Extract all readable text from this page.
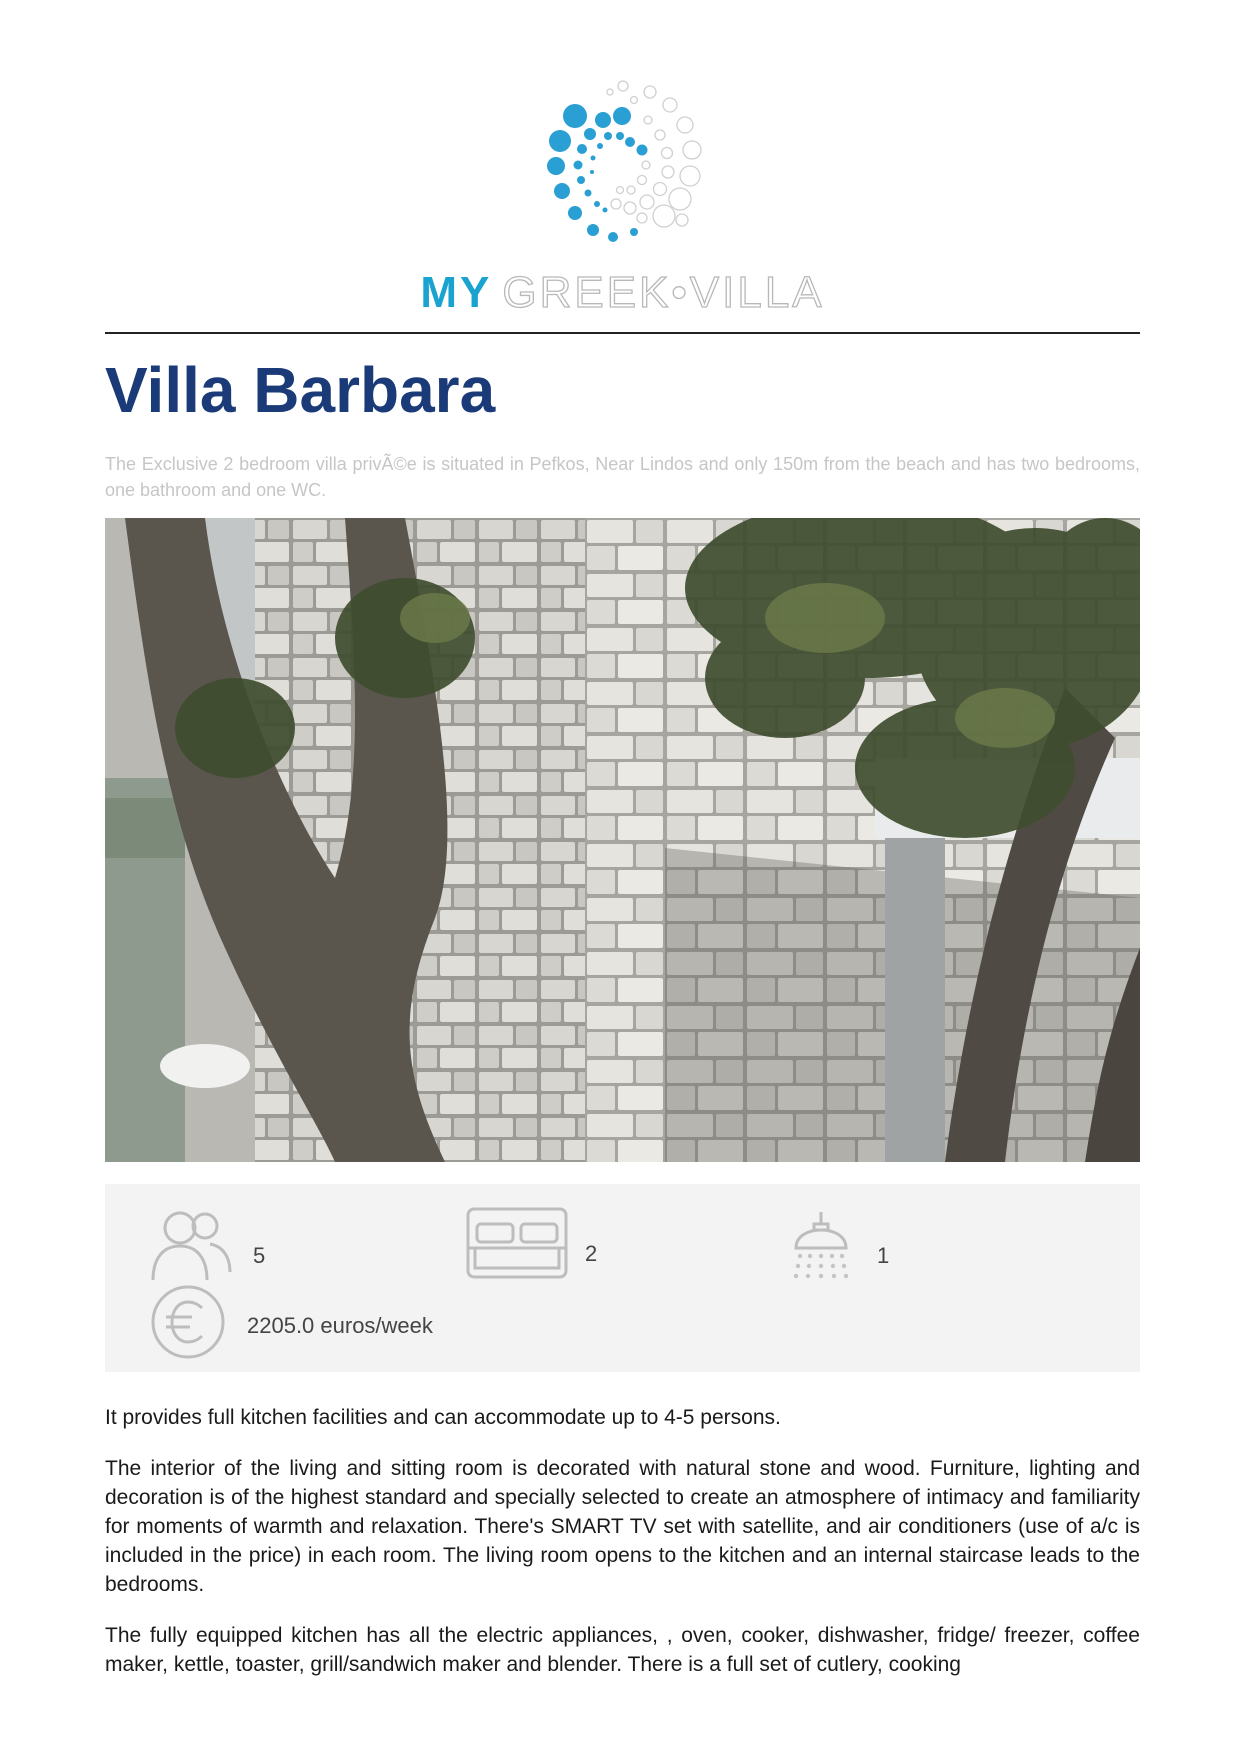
MY GREEK•VILLA
Villa Barbara

The Exclusive 2 bedroom villa privÃ©e is situated in Pefkos, Near Lindos and only 150m from the beach and has two bedrooms, one bathroom and one WC.

5	2	1
2205.0 euros/week

It provides full kitchen facilities and can accommodate up to 4-5 persons.

The interior of the living and sitting room is decorated with natural stone and wood. Furniture, lighting and decoration is of the highest standard and specially selected to create an atmosphere of intimacy and familiarity for moments of warmth and relaxation. There's SMART TV set with satellite, and air conditioners (use of a/c is included in the price) in each room. The living room opens to the kitchen and an internal staircase leads to the bedrooms.

The fully equipped kitchen has all the electric appliances, , oven, cooker, dishwasher, fridge/ freezer, coffee maker, kettle, toaster, grill/sandwich maker and blender. There is a full set of cutlery, cooking
